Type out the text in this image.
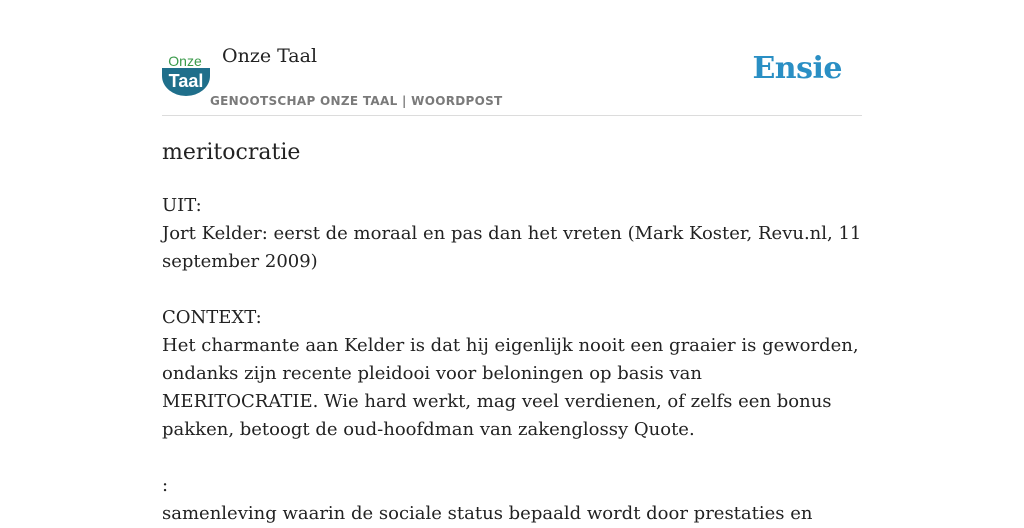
Onze
Taal
Onze Taal
GENOOTSCHAP ONZE TAAL | WOORDPOST
Ensie
meritocratie
UIT:
Jort Kelder: eerst de moraal en pas dan het vreten (Mark Koster, Revu.nl, 11 september 2009)
CONTEXT:
Het charmante aan Kelder is dat hij eigenlijk nooit een graaier is geworden, ondanks zijn recente pleidooi voor beloningen op basis van MERITOCRATIE. Wie hard werkt, mag veel verdienen, of zelfs een bonus pakken, betoogt de oud-hoofdman van zakenglossy Quote.
:
samenleving waarin de sociale status bepaald wordt door prestaties en
